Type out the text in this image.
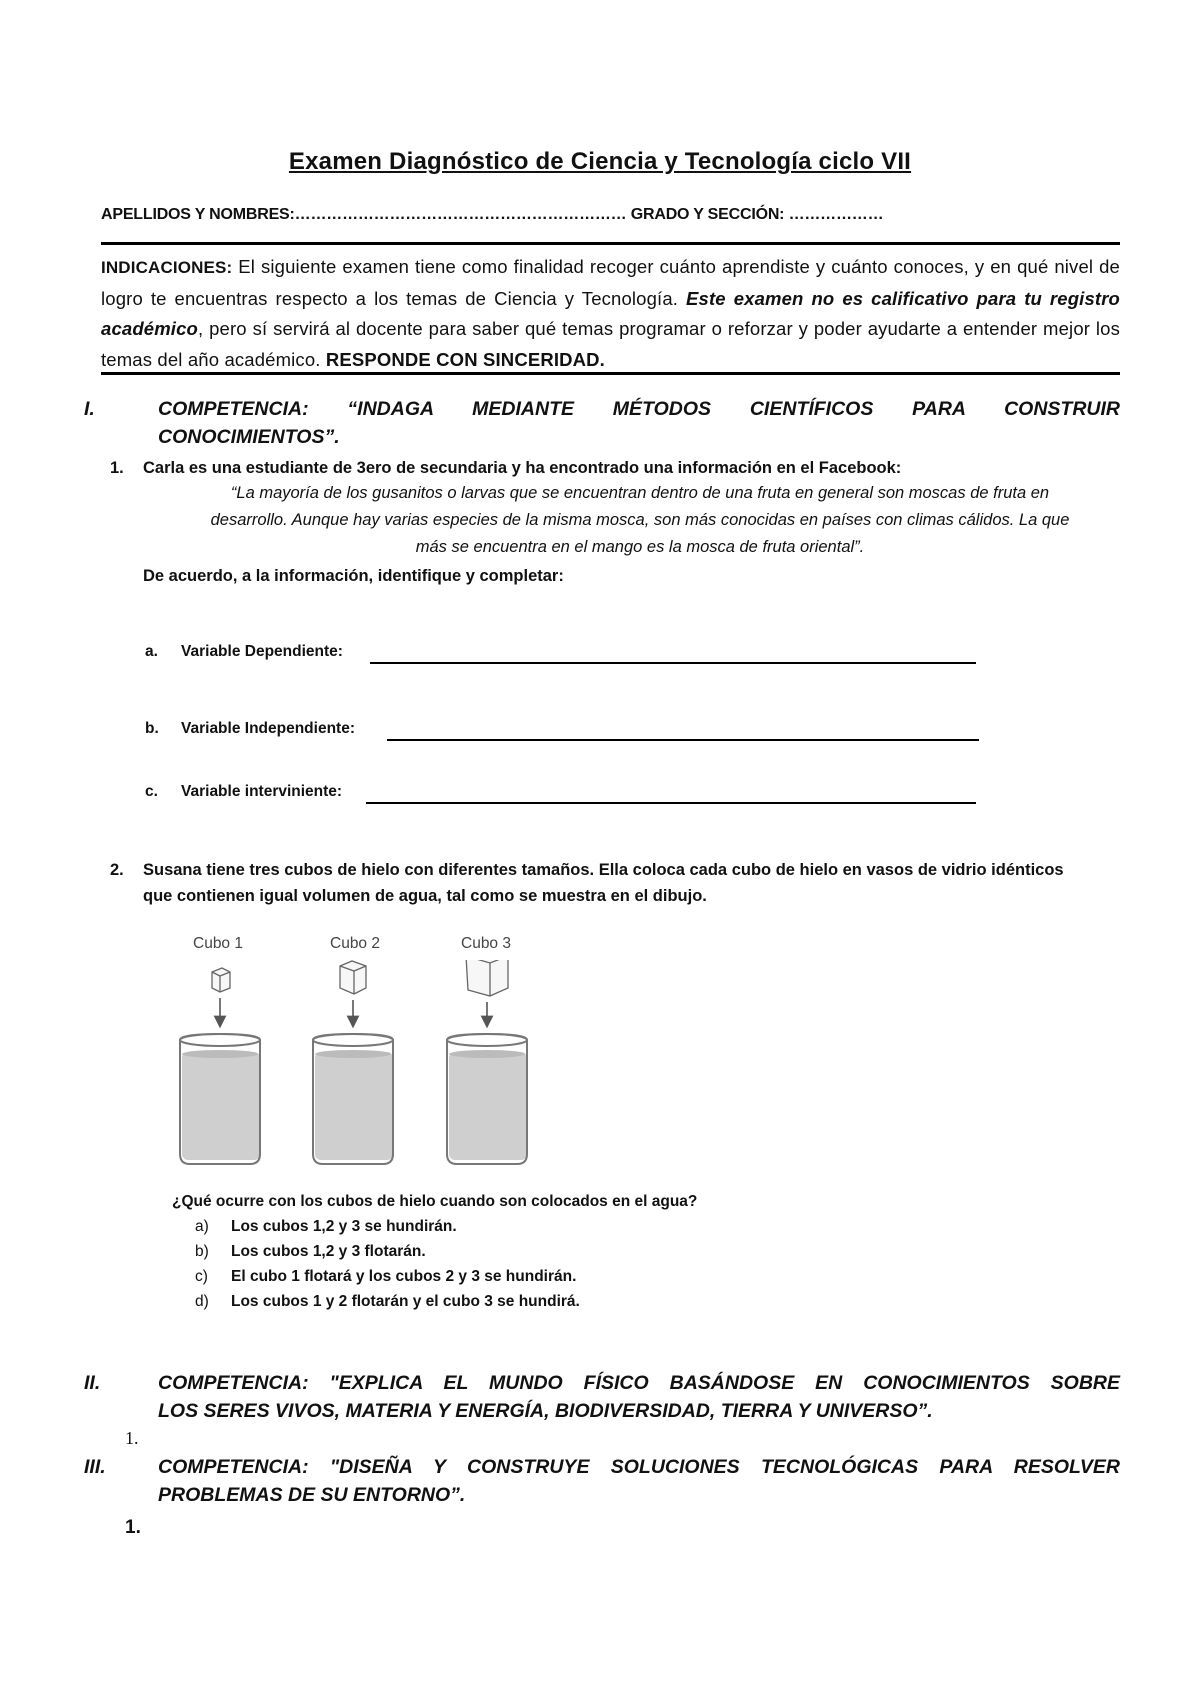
Examen Diagnóstico de Ciencia y Tecnología ciclo VII
APELLIDOS Y NOMBRES:……………………………………………………… GRADO Y SECCIÓN: ………………
INDICACIONES: El siguiente examen tiene como finalidad recoger cuánto aprendiste y cuánto conoces, y en qué nivel de logro te encuentras respecto a los temas de Ciencia y Tecnología. Este examen no es calificativo para tu registro académico, pero sí servirá al docente para saber qué temas programar o reforzar y poder ayudarte a entender mejor los temas del año académico. RESPONDE CON SINCERIDAD.
I.	COMPETENCIA: “INDAGA MEDIANTE MÉTODOS CIENTÍFICOS PARA CONSTRUIR
CONOCIMIENTOS”.
1. Carla es una estudiante de 3ero de secundaria y ha encontrado una información en el Facebook:
“La mayoría de los gusanitos o larvas que se encuentran dentro de una fruta en general son moscas de fruta en
desarrollo. Aunque hay varias especies de la misma mosca, son más conocidas en países con climas cálidos. La que
más se encuentra en el mango es la mosca de fruta oriental”.
De acuerdo, a la información, identifique y completar:
a. Variable Dependiente:
b. Variable Independiente:
c. Variable interviniente:
2. Susana tiene tres cubos de hielo con diferentes tamaños. Ella coloca cada cubo de hielo en vasos de vidrio idénticos
que contienen igual volumen de agua, tal como se muestra en el dibujo.
Cubo 1	Cubo 2	Cubo 3
¿Qué ocurre con los cubos de hielo cuando son colocados en el agua?
a) Los cubos 1,2 y 3 se hundirán.
b) Los cubos 1,2 y 3 flotarán.
c) El cubo 1 flotará y los cubos 2 y 3 se hundirán.
d) Los cubos 1 y 2 flotarán y el cubo 3 se hundirá.
II.	COMPETENCIA: "EXPLICA EL MUNDO FÍSICO BASÁNDOSE EN CONOCIMIENTOS SOBRE
LOS SERES VIVOS, MATERIA Y ENERGÍA, BIODIVERSIDAD, TIERRA Y UNIVERSO”.
1.
III.	COMPETENCIA: "DISEÑA Y CONSTRUYE SOLUCIONES TECNOLÓGICAS PARA RESOLVER
PROBLEMAS DE SU ENTORNO”.
1.
